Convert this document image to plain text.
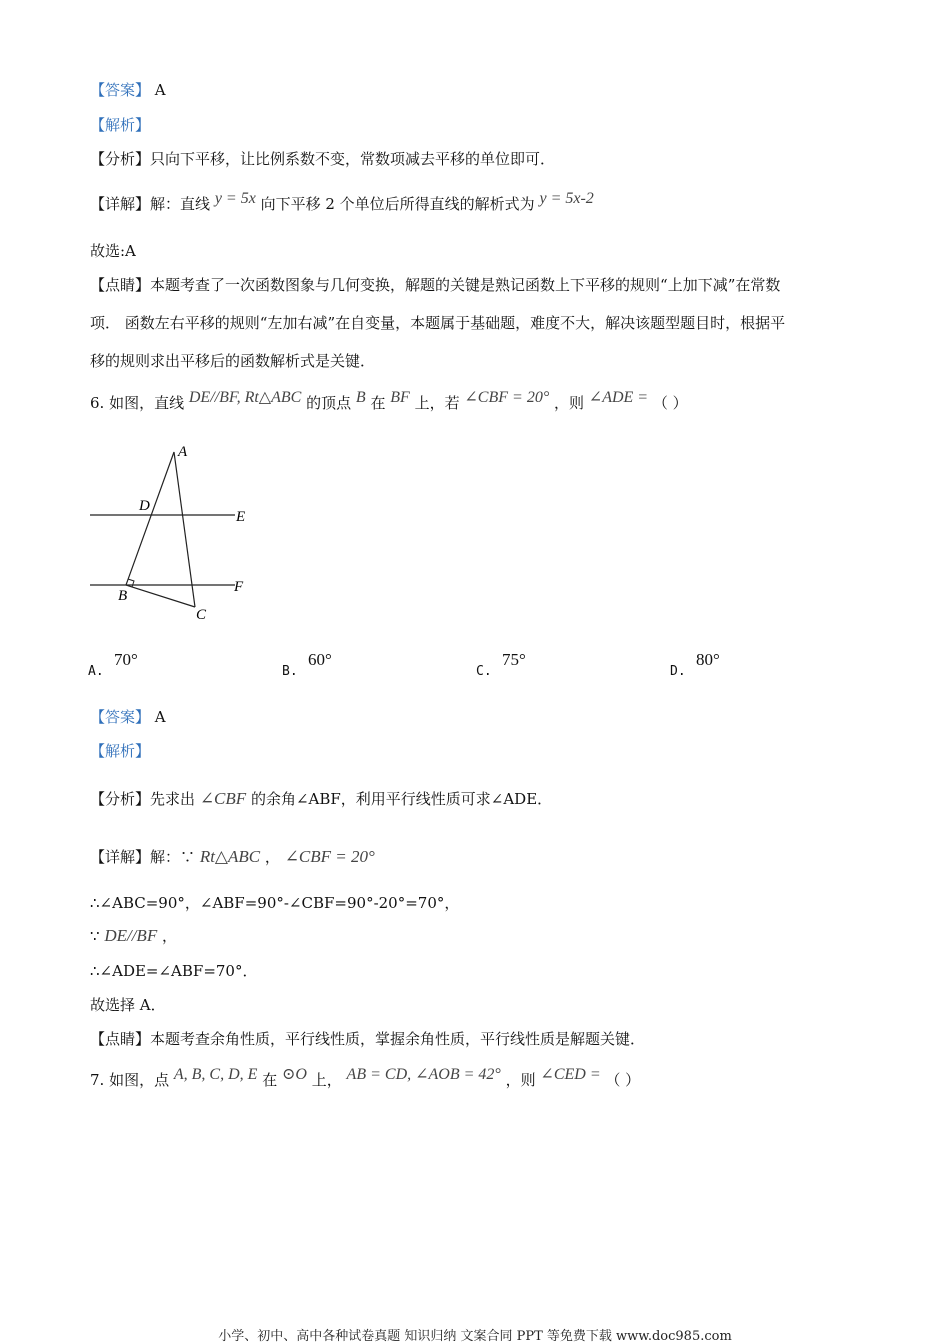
【答案】 A
【解析】
【分析】只向下平移，让比例系数不变，常数项减去平移的单位即可．
【详解】解：直线 y = 5x 向下平移 2 个单位后所得直线的解析式为 y = 5x-2
故选:A
【点睛】本题考查了一次函数图象与几何变换，解题的关键是熟记函数上下平移的规则“上加下减”在常数
项． 函数左右平移的规则“左加右减”在自变量，本题属于基础题，难度不大，解决该题型题目时，根据平
移的规则求出平移后的函数解析式是关键．
6. 如图，直线 DE//BF, Rt△ABC 的顶点 B 在 BF 上，若 ∠CBF = 20° ，则 ∠ADE = （ ）
A
D
E
B
F
C
A.
70°
B.
60°
C.
75°
D.
80°
【答案】 A
【解析】
【分析】先求出 ∠CBF 的余角∠ABF，利用平行线性质可求∠ADE．
【详解】解：∵ Rt△ABC ， ∠CBF = 20°
∴∠ABC=90°，∠ABF=90°-∠CBF=90°-20°=70°，
∵ DE//BF ，
∴∠ADE=∠ABF=70°．
故选择 A．
【点睛】本题考查余角性质，平行线性质，掌握余角性质，平行线性质是解题关键．
7. 如图，点 A, B, C, D, E 在 ⊙O 上， AB = CD, ∠AOB = 42° ，则 ∠CED = （ ）
小学、初中、高中各种试卷真题 知识归纳 文案合同 PPT 等免费下载 www.doc985.com
